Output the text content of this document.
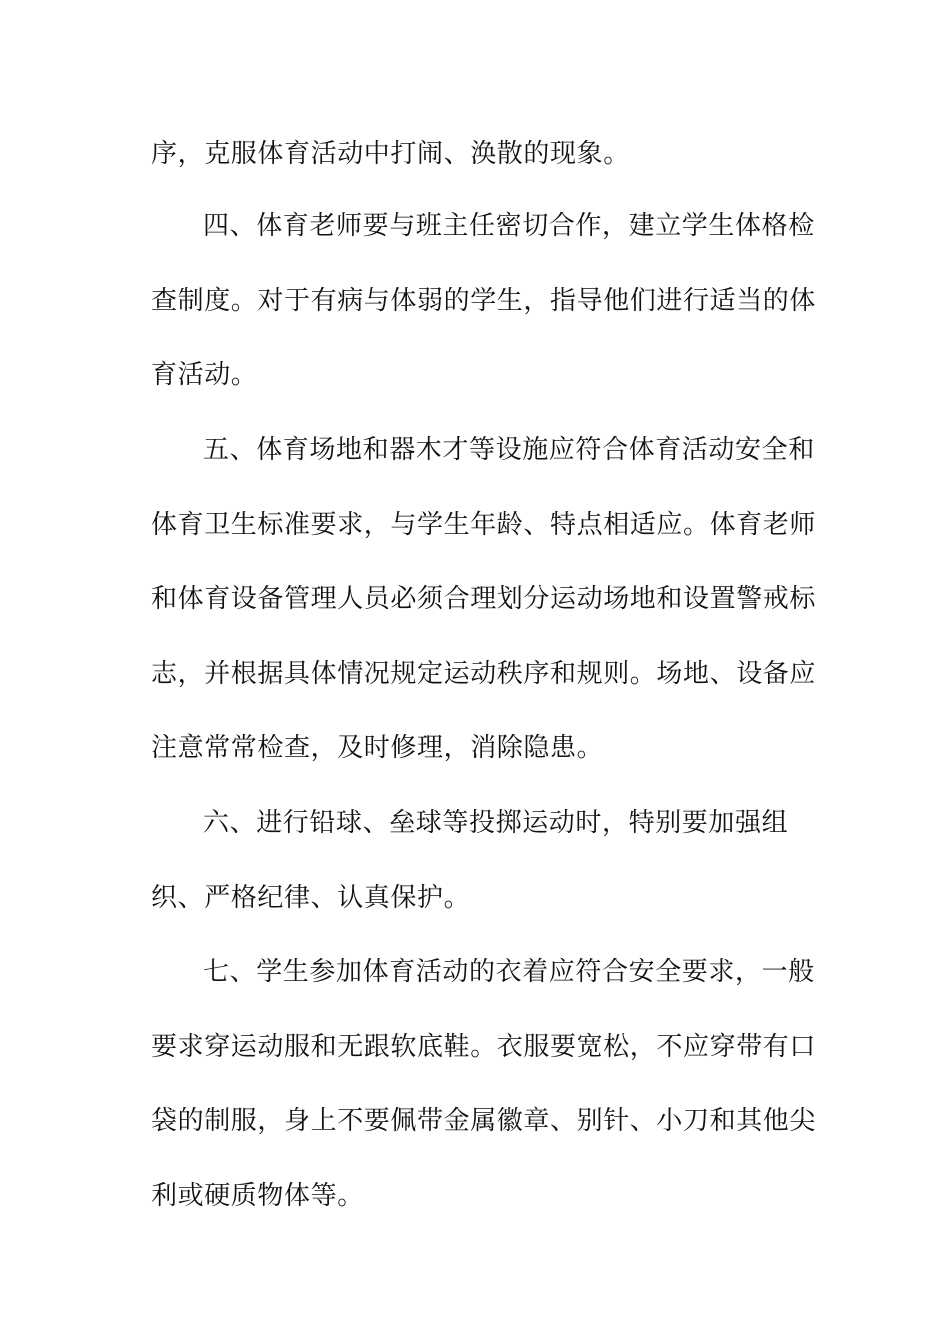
序，克服体育活动中打闹、涣散的现象。
四、体育老师要与班主任密切合作，建立学生体格检
查制度。对于有病与体弱的学生，指导他们进行适当的体
育活动。
五、体育场地和器木才等设施应符合体育活动安全和
体育卫生标准要求，与学生年龄、特点相适应。体育老师
和体育设备管理人员必须合理划分运动场地和设置警戒标
志，并根据具体情况规定运动秩序和规则。场地、设备应
注意常常检查，及时修理，消除隐患。
六、进行铅球、垒球等投掷运动时，特别要加强组
织、严格纪律、认真保护。
七、学生参加体育活动的衣着应符合安全要求，一般
要求穿运动服和无跟软底鞋。衣服要宽松，不应穿带有口
袋的制服，身上不要佩带金属徽章、别针、小刀和其他尖
利或硬质物体等。
